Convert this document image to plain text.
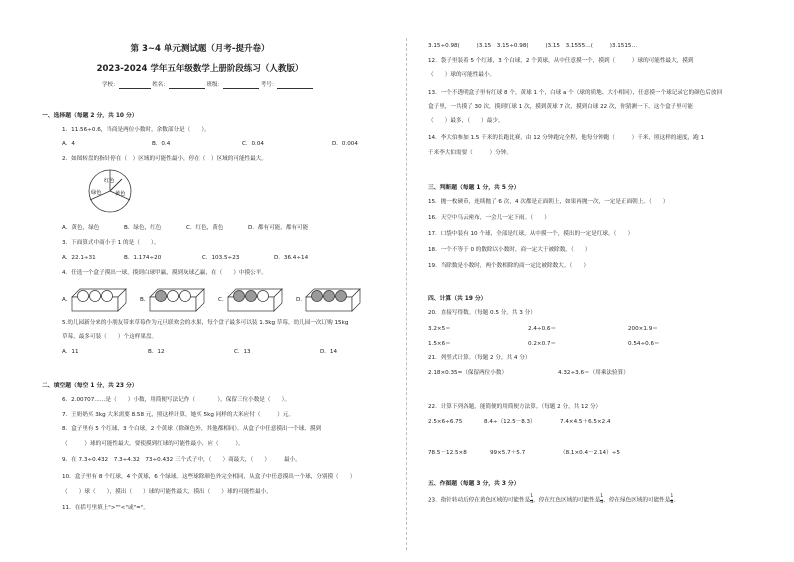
第 3~4 单元测试题（月考-提升卷）
2023-2024 学年五年级数学上册阶段练习（人教版）
学校：	姓名：	班级：	考号：
一、选择题（每题 2 分，共 10 分）
1．11.56÷0.6，当商是两位小数时，余数部分是（　　）。
A．4	B．0.4	C．0.04	D．0.004
2．如图转盘的指针停在（　）区域的可能性最小，停在（　）区域的可能性最大。
红色
绿色	黄色
A．黄色，绿色	B．绿色，红色	C．红色，黄色	D．都有可能，都有可能
3．下面算式中商小于 1 的是（　　）。
A．22.1÷31	B．1.174÷20	C．103.5÷23	D．36.4÷14
4．任选一个盒子摸出一球，摸到白球甲赢，摸到灰球乙赢，在（　　）中摸公平。
A．	B．	C．	D．
5.幼儿园新分来的小朋友带来草莓作为元旦联欢会的水果，每个盘子最多可以装 1.3kg 草莓，幼儿园一次订购 15kg
草莓，最多可装（　　）个这样果盘。
A．11	B．12	C．13	D．14
二、填空题（每空 1 分，共 23 分）
6．2.00707……是（　　）小数，用简便写法记作（　　　　），保留三位小数是（　　）。
7．王奶奶买 3kg 大米需要 8.58 元，照这样计算，她买 5kg 同样的大米应付（　　　）元。
8．盒子里有 5 个红球，3 个白球，2 个黄球（除颜色外，其他都相同）。从盒子中任意摸出一个球，摸到
（　　　）球的可能性最大，要使摸到红球的可能性最小，应（　　　）。
9．在 7.3÷0.432　7.3÷4.32　73÷0.432 三个式子中，（　　）商最大，（　　）　　　最小。
10．盒子里有 8 个红球，4 个黄球，6 个绿球。这些球除颜色外完全相同，从盒子中任意摸出一个球，分别摸（　　）
（　　）球（　　），摸出（　　）球的可能性最大，摸出（　　）球的可能性最小。
11．在括号里填上">""<"或"="。
3.15÷0.98(　　　)3.15　3.15÷0.98(　　　)3.15　3.1555…(　　　)3.1515…
12．袋子里装着 5 个红球，3 个白球，2 个黄球，从中任意摸一个，摸到（　　　）球的可能性最大，摸到
（　　）球的可能性最小。
13．一个不透明盒子里有红球 8 个，黄球 1 个，白球 a 个（球的质地、大小相同），任意摸一个球记录它的颜色后放回
盒子里，一共摸了 30 次，摸到红球 1 次，摸到黄球 7 次，摸到白球 22 次，你猜测一下，这个盒子里可能
（　　）最多，（　　）最少。
14．李大伯参加 1.5 千米的长跑比赛，由 12 分钟跑完全程，他每分钟跑（　　　）千米，照这样的速度，跑 1
千米李大伯需要（　　　）分钟。
三、判断题（每题 1 分，共 5 分）
15．抛一枚硬币，连续抛了 6 次，4 次都是正面朝上，如果再抛一次，一定是正面朝上。（　　）
16．天空中乌云密布，一会儿一定下雨。（　　）
17．口袋中装有 10 个球，全部是红球，从中摸一个，摸出的一定是红球。（　　）
18．一个不等于 0 的数除以小数时，商一定大于被除数。（　　）
19．当除数是小数时，两个数相除的商一定比被除数大。（　　）
四、计算（共 19 分）
20．直接写得数。（每题 0.5 分，共 3 分）
3.2×5＝	2.4÷0.6＝	200×1.9＝
1.5×6＝	0.2×0.7＝	0.54÷0.6＝
21．列竖式计算。（每题 2 分，共 4 分）
2.18×0.35≈（保留两位小数）	4.32÷3.6＝（用乘法验算）
22．计算下列各题，能简便的用简便方法算。（每题 2 分，共 12 分）
2.5×6÷6.75	8.4÷（12.5－8.3）	7.4×4.5＋6.5×2.4
78.5－12.5×8	99×5.7＋5.7	（8.1×0.4－2.14）÷5
五、作图题（每题 3 分，共 3 分）
23．指针转动后停在黄色区域的可能性是 $\frac{1}{4}$ ，停在红色区域的可能性是 $\frac{1}{4}$ ，停在绿色区域的可能性是 $\frac{1}{8}$ 。
